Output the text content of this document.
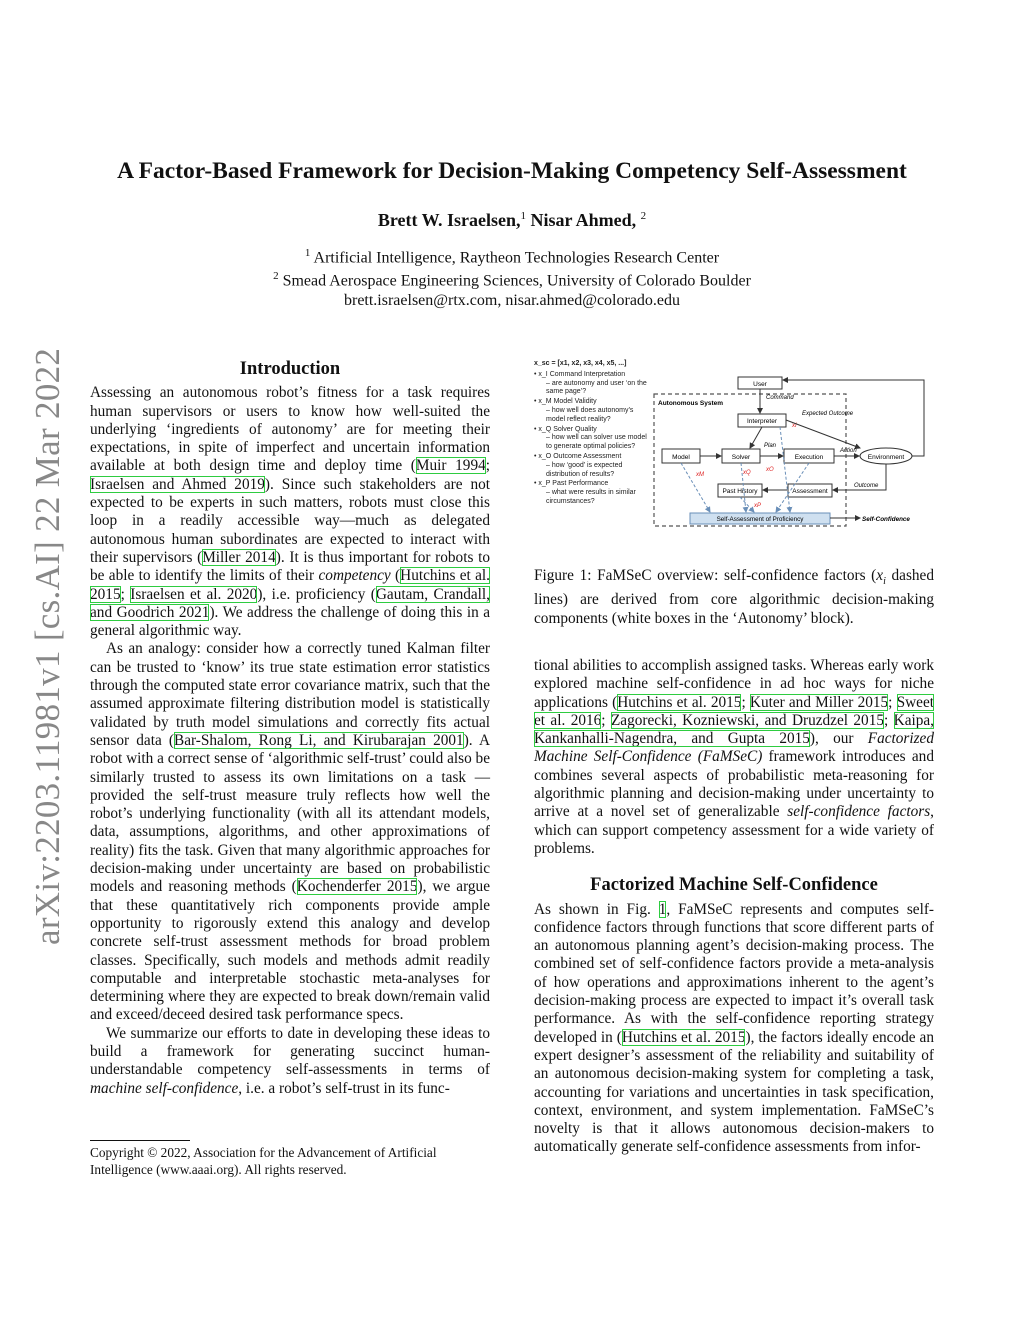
arXiv:2203.11981v1 [cs.AI] 22 Mar 2022
A Factor-Based Framework for Decision-Making Competency Self-Assessment
Brett W. Israelsen,$^1$ Nisar Ahmed, $^2$
$^1$ Artificial Intelligence, Raytheon Technologies Research Center
$^2$ Smead Aerospace Engineering Sciences, University of Colorado Boulder
brett.israelsen@rtx.com, nisar.ahmed@colorado.edu
Introduction

Assessing an autonomous robot’s fitness for a task requires human supervisors or users to know how well-suited the underlying ‘ingredients of autonomy’ are for meeting their expectations, in spite of imperfect and uncertain information available at both design time and deploy time (Muir 1994; Israelsen and Ahmed 2019). Since such stakeholders are not expected to be experts in such matters, robots must close this loop in a readily accessible way—much as delegated autonomous human subordinates are expected to interact with their supervisors (Miller 2014). It is thus important for robots to be able to identify the limits of their competency (Hutchins et al. 2015; Israelsen et al. 2020), i.e. proficiency (Gautam, Crandall, and Goodrich 2021). We address the challenge of doing this in a general algorithmic way.

As an analogy: consider how a correctly tuned Kalman filter can be trusted to ‘know’ its true state estimation error statistics through the computed state error covariance matrix, such that the assumed approximate filtering distribution model is statistically validated by truth model simulations and correctly fits actual sensor data (Bar-Shalom, Rong Li, and Kirubarajan 2001). A robot with a correct sense of ‘algorithmic self-trust’ could also be similarly trusted to assess its own limitations on a task — provided the self-trust measure truly reflects how well the robot’s underlying functionality (with all its attendant models, data, assumptions, algorithms, and other approximations of reality) fits the task. Given that many algorithmic approaches for decision-making under uncertainty are based on probabilistic models and reasoning methods (Kochenderfer 2015), we argue that these quantitatively rich components provide ample opportunity to rigorously extend this analogy and develop concrete self-trust assessment methods for broad problem classes. Specifically, such models and methods admit readily computable and interpretable stochastic meta-analyses for determining where they are expected to break down/remain valid and exceed/deceed desired task performance specs.

We summarize our efforts to date in developing these ideas to build a framework for generating succinct human-understandable competency self-assessments in terms of machine self-confidence, i.e. a robot’s self-trust in its func-

Copyright © 2022, Association for the Advancement of Artificial Intelligence (www.aaai.org). All rights reserved.
x_sc = [x1, x2, x3, x4, x5, ...]
• x_I Command Interpretation
– are autonomy and user ‘on the same page’?
• x_M Model Validity
– how well does autonomy’s model reflect reality?
• x_Q Solver Quality
– how well can solver use model to generate optimal policies?
• x_O Outcome Assessment
– how ‘good’ is expected distribution of results?
• x_P Past Performance
– what were results in similar circumstances?
Autonomous System
User
Command
Interpreter
Expected Outcome
xI
Model	Solver
Plan
Execution	Environment
Action
Past History	Assessment
Outcome
xM	xQ	xO
xP
Self-Assessment of Proficiency	Self-Confidence
Figure 1: FaMSeC overview: self-confidence factors ($x_i$ dashed lines) are derived from core algorithmic decision-making components (white boxes in the ‘Autonomy’ block).

tional abilities to accomplish assigned tasks. Whereas early work explored machine self-confidence in ad hoc ways for niche applications (Hutchins et al. 2015; Kuter and Miller 2015; Sweet et al. 2016; Zagorecki, Kozniewski, and Druzdzel 2015; Kaipa, Kankanhalli-Nagendra, and Gupta 2015), our Factorized Machine Self-Confidence (FaMSeC) framework introduces and combines several aspects of probabilistic meta-reasoning for algorithmic planning and decision-making under uncertainty to arrive at a novel set of generalizable self-confidence factors, which can support competency assessment for a wide variety of problems.

Factorized Machine Self-Confidence

As shown in Fig. 1, FaMSeC represents and computes self-confidence factors through functions that score different parts of an autonomous planning agent’s decision-making process. The combined set of self-confidence factors provide a meta-analysis of how operations and approximations inherent to the agent’s decision-making process are expected to impact it’s overall task performance. As with the self-confidence reporting strategy developed in (Hutchins et al. 2015), the factors ideally encode an expert designer’s assessment of the reliability and suitability of an autonomous decision-making system for completing a task, accounting for variations and uncertainties in task specification, context, environment, and system implementation. FaMSeC’s novelty is that it allows autonomous decision-makers to automatically generate self-confidence assessments from infor-
